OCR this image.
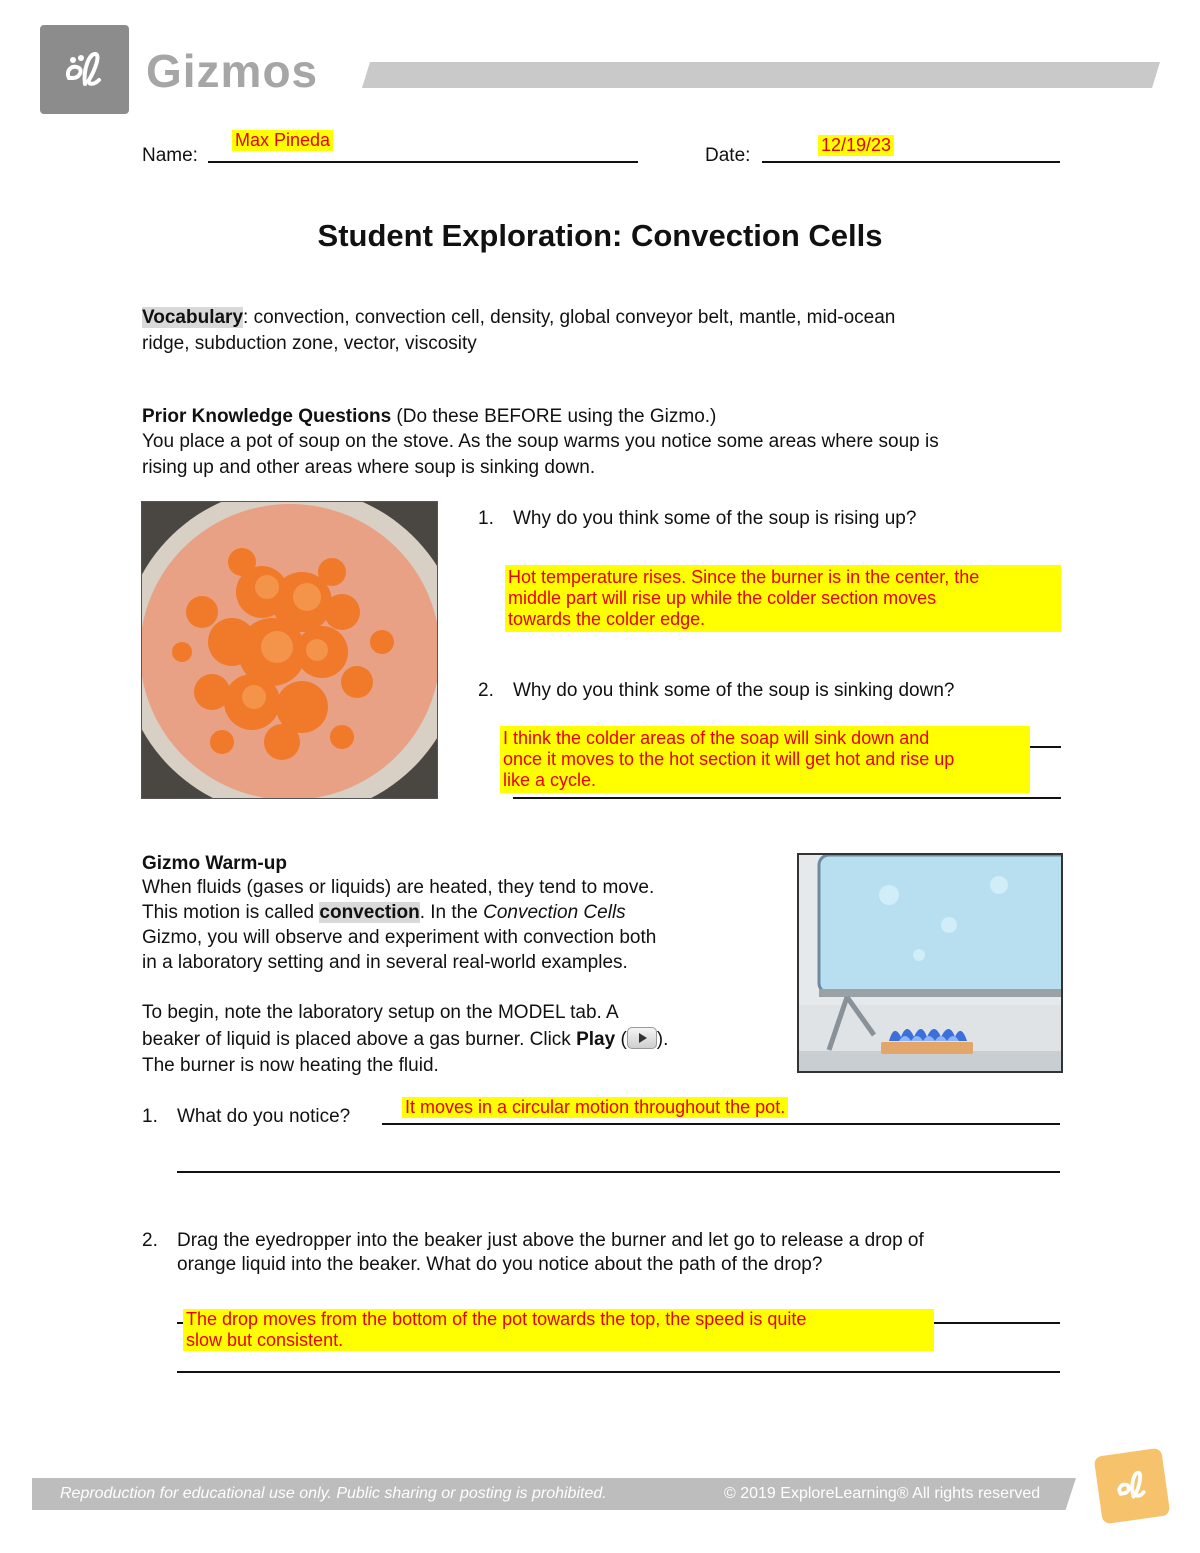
Gizmos
Name:
Max Pineda
Date:	12/19/23
Student Exploration: Convection Cells
Vocabulary: convection, convection cell, density, global conveyor belt, mantle, mid-ocean
ridge, subduction zone, vector, viscosity
Prior Knowledge Questions (Do these BEFORE using the Gizmo.)
You place a pot of soup on the stove. As the soup warms you notice some areas where soup is
rising up and other areas where soup is sinking down.
1. Why do you think some of the soup is rising up?
Hot temperature rises. Since the burner is in the center, the
middle part will rise up while the colder section moves
towards the colder edge.
2. Why do you think some of the soup is sinking down?
I think the colder areas of the soap will sink down and
once it moves to the hot section it will get hot and rise up
like a cycle.
Gizmo Warm-up
When fluids (gases or liquids) are heated, they tend to move.
This motion is called convection. In the Convection Cells
Gizmo, you will observe and experiment with convection both
in a laboratory setting and in several real-world examples.
To begin, note the laboratory setup on the MODEL tab. A
beaker of liquid is placed above a gas burner. Click Play ( ).
The burner is now heating the fluid.
1. What do you notice?	It moves in a circular motion throughout the pot.
2. Drag the eyedropper into the beaker just above the burner and let go to release a drop of
orange liquid into the beaker. What do you notice about the path of the drop?
The drop moves from the bottom of the pot towards the top, the speed is quite
slow but consistent.
Reproduction for educational use only. Public sharing or posting is prohibited.	© 2019 ExploreLearning® All rights reserved
